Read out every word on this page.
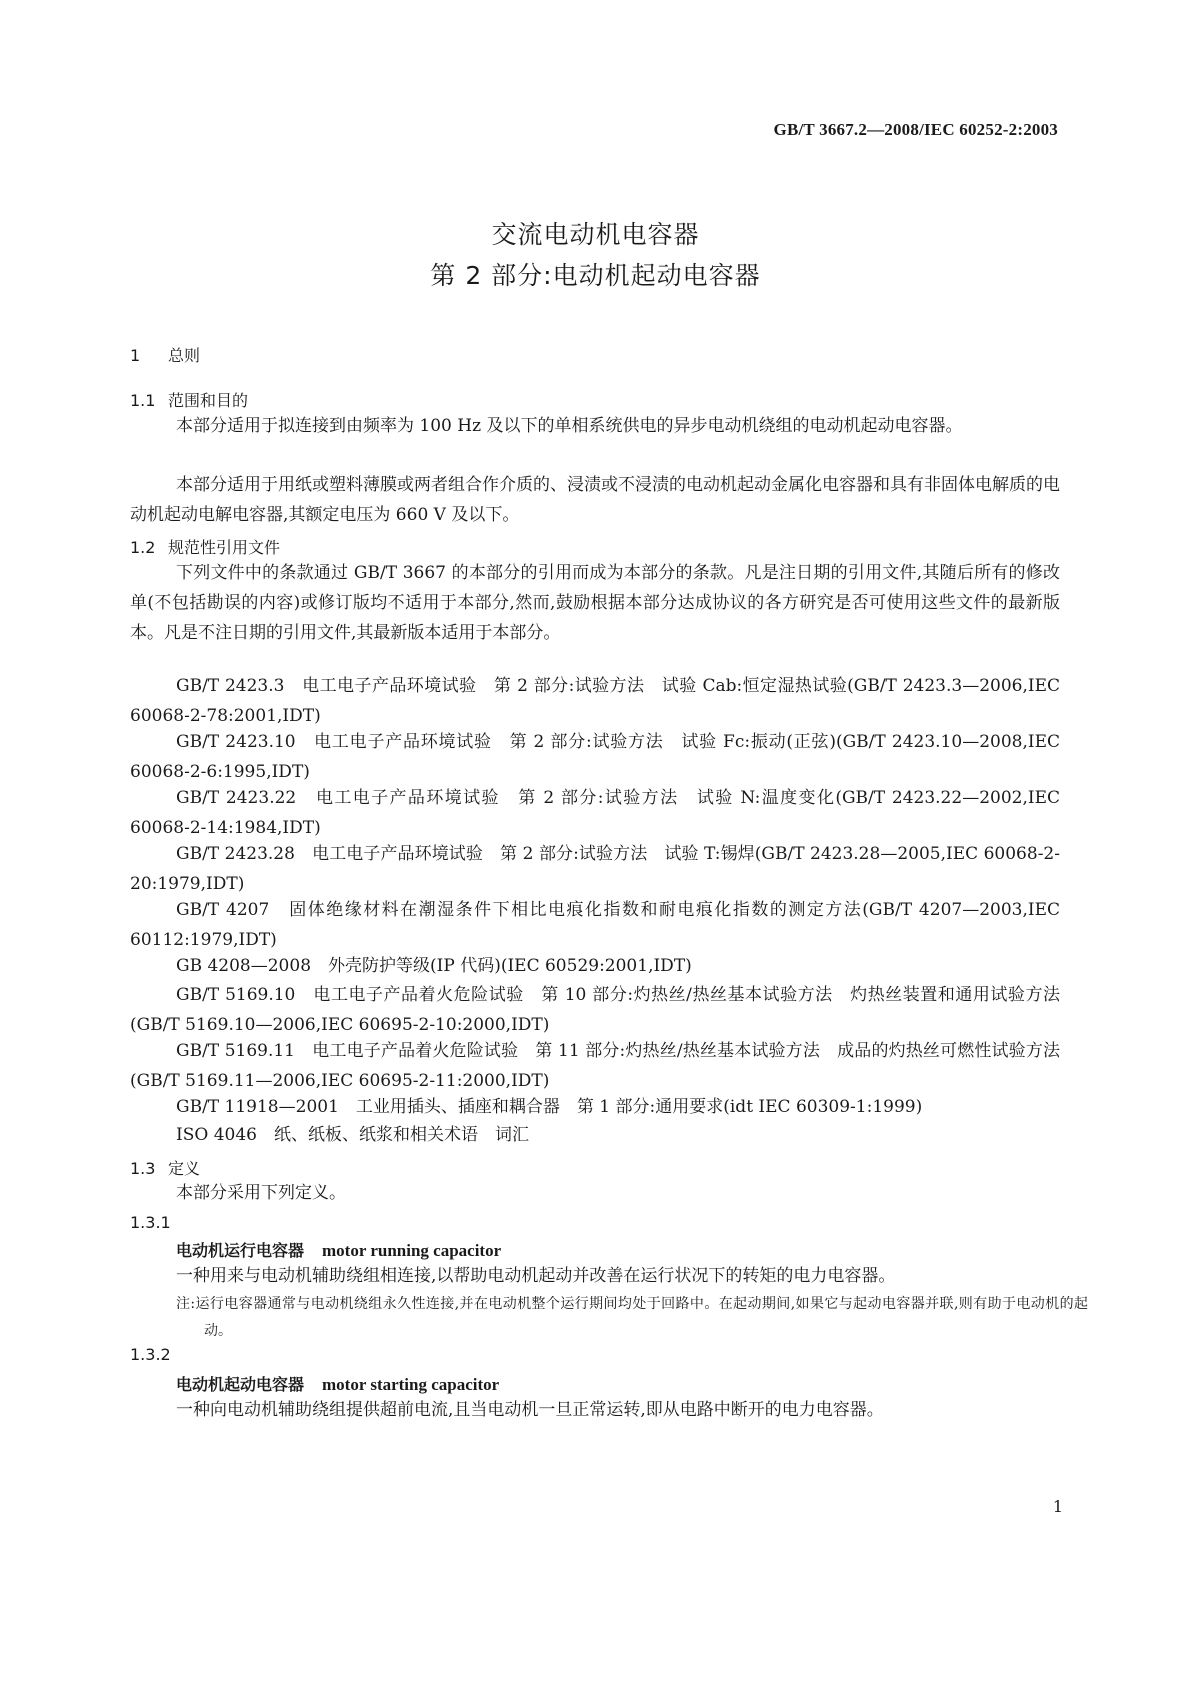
GB/T 3667.2—2008/IEC 60252-2:2003
交流电动机电容器
第 2 部分:电动机起动电容器
1 总则
1.1 范围和目的

本部分适用于拟连接到由频率为 100 Hz 及以下的单相系统供电的异步电动机绕组的电动机起动电容器。

本部分适用于用纸或塑料薄膜或两者组合作介质的、浸渍或不浸渍的电动机起动金属化电容器和具有非固体电解质的电动机起动电解电容器,其额定电压为 660 V 及以下。

1.2 规范性引用文件

下列文件中的条款通过 GB/T 3667 的本部分的引用而成为本部分的条款。凡是注日期的引用文件,其随后所有的修改单(不包括勘误的内容)或修订版均不适用于本部分,然而,鼓励根据本部分达成协议的各方研究是否可使用这些文件的最新版本。凡是不注日期的引用文件,其最新版本适用于本部分。

GB/T 2423.3　电工电子产品环境试验　第 2 部分:试验方法　试验 Cab:恒定湿热试验(GB/T 2423.3—2006,IEC 60068-2-78:2001,IDT)

GB/T 2423.10　电工电子产品环境试验　第 2 部分:试验方法　试验 Fc:振动(正弦)(GB/T 2423.10—2008,IEC 60068-2-6:1995,IDT)

GB/T 2423.22　电工电子产品环境试验　第 2 部分:试验方法　试验 N:温度变化(GB/T 2423.22—2002,IEC 60068-2-14:1984,IDT)

GB/T 2423.28　电工电子产品环境试验　第 2 部分:试验方法　试验 T:锡焊(GB/T 2423.28—2005,IEC 60068-2-20:1979,IDT)

GB/T 4207　固体绝缘材料在潮湿条件下相比电痕化指数和耐电痕化指数的测定方法(GB/T 4207—2003,IEC 60112:1979,IDT)

GB 4208—2008　外壳防护等级(IP 代码)(IEC 60529:2001,IDT)

GB/T 5169.10　电工电子产品着火危险试验　第 10 部分:灼热丝/热丝基本试验方法　灼热丝装置和通用试验方法(GB/T 5169.10—2006,IEC 60695-2-10:2000,IDT)

GB/T 5169.11　电工电子产品着火危险试验　第 11 部分:灼热丝/热丝基本试验方法　成品的灼热丝可燃性试验方法(GB/T 5169.11—2006,IEC 60695-2-11:2000,IDT)

GB/T 11918—2001　工业用插头、插座和耦合器　第 1 部分:通用要求(idt IEC 60309-1:1999)

ISO 4046　纸、纸板、纸浆和相关术语　词汇

1.3 定义

本部分采用下列定义。

1.3.1
电动机运行电容器 motor running capacitor

一种用来与电动机辅助绕组相连接,以帮助电动机起动并改善在运行状况下的转矩的电力电容器。

注:运行电容器通常与电动机绕组永久性连接,并在电动机整个运行期间均处于回路中。在起动期间,如果它与起动电容器并联,则有助于电动机的起动。

1.3.2
电动机起动电容器 motor starting capacitor

一种向电动机辅助绕组提供超前电流,且当电动机一旦正常运转,即从电路中断开的电力电容器。

1
